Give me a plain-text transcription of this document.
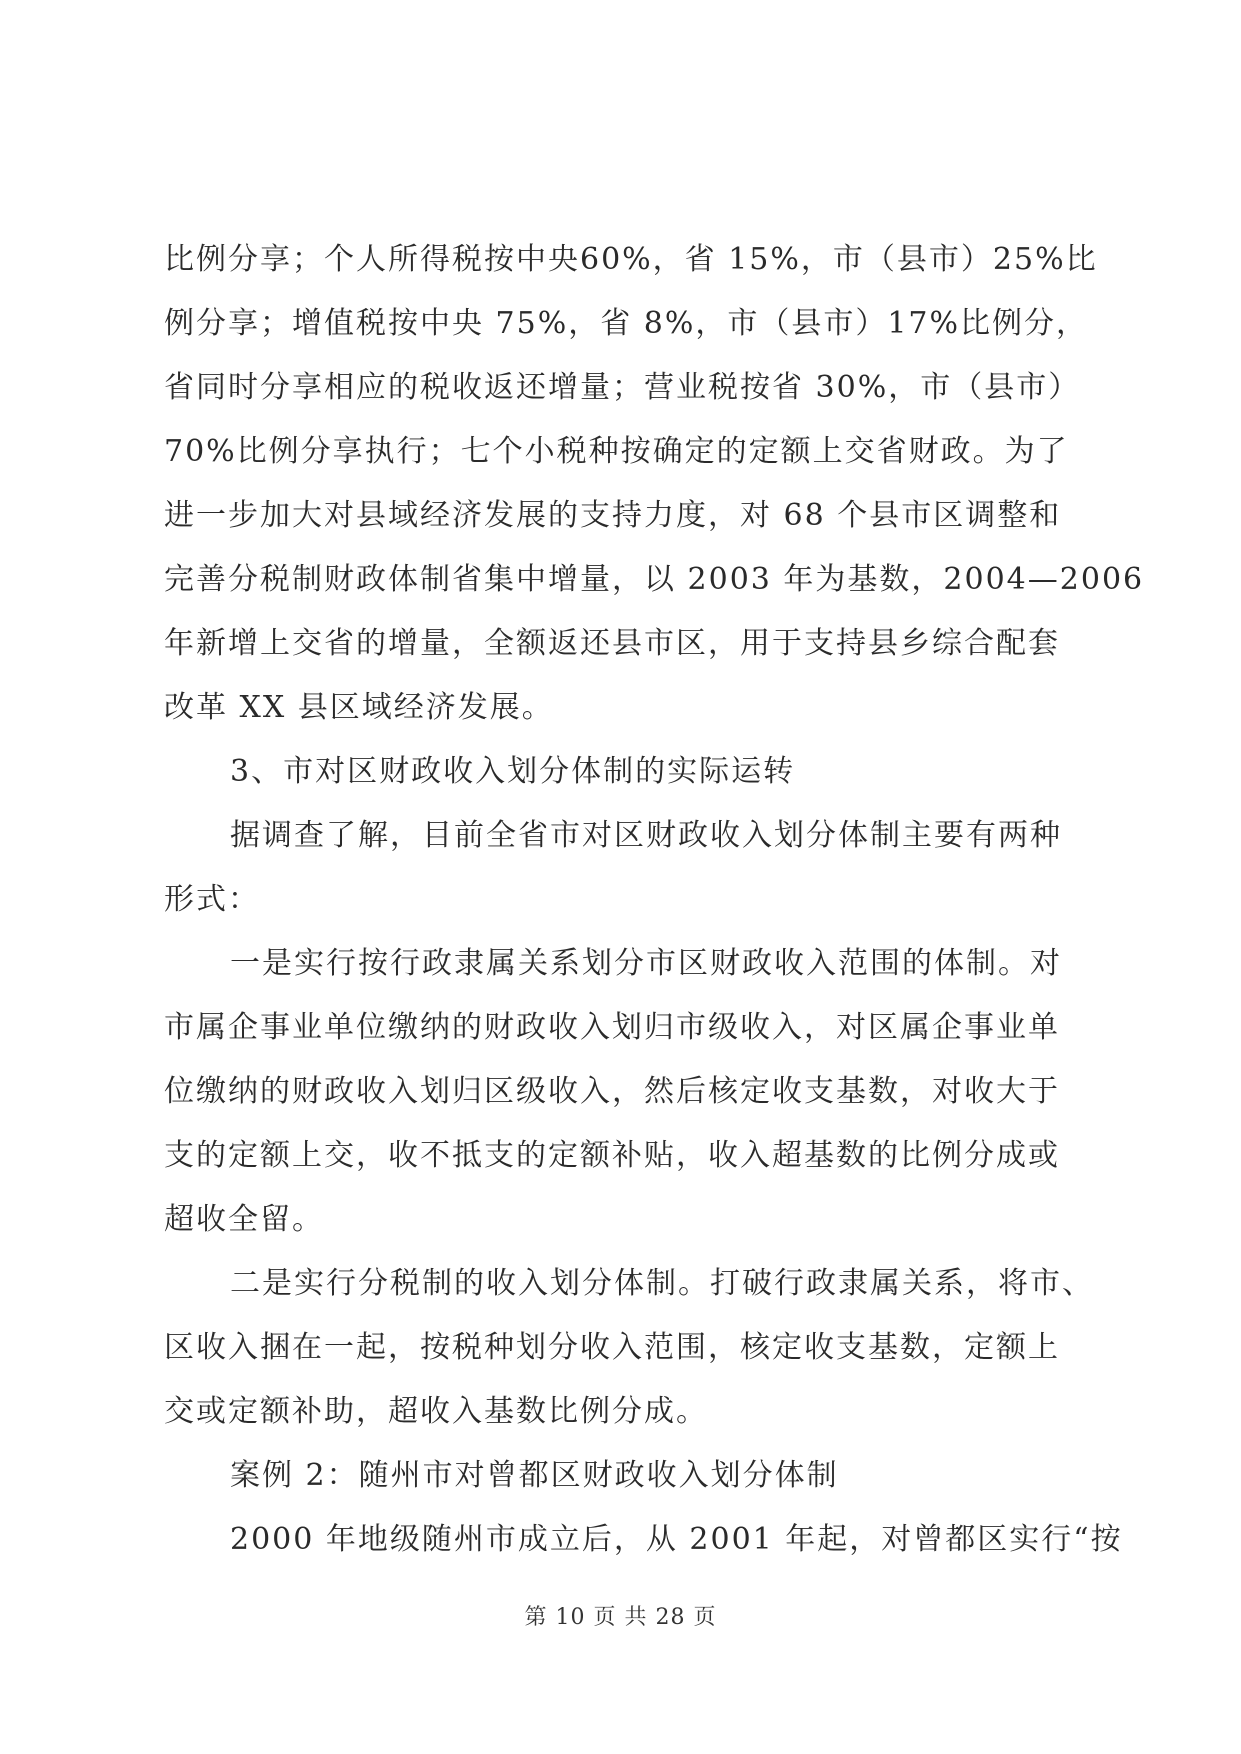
比例分享；个人所得税按中央60%，省 15%，市（县市）25%比
例分享；增值税按中央 75%，省 8%，市（县市）17%比例分，
省同时分享相应的税收返还增量；营业税按省 30%，市（县市）
70%比例分享执行；七个小税种按确定的定额上交省财政。为了
进一步加大对县域经济发展的支持力度，对 68 个县市区调整和
完善分税制财政体制省集中增量，以 2003 年为基数，2004—2006
年新增上交省的增量，全额返还县市区，用于支持县乡综合配套
改革 XX 县区域经济发展。
3、市对区财政收入划分体制的实际运转
据调查了解，目前全省市对区财政收入划分体制主要有两种
形式：
一是实行按行政隶属关系划分市区财政收入范围的体制。对
市属企事业单位缴纳的财政收入划归市级收入，对区属企事业单
位缴纳的财政收入划归区级收入，然后核定收支基数，对收大于
支的定额上交，收不抵支的定额补贴，收入超基数的比例分成或
超收全留。
二是实行分税制的收入划分体制。打破行政隶属关系，将市、
区收入捆在一起，按税种划分收入范围，核定收支基数，定额上
交或定额补助，超收入基数比例分成。
案例 2：随州市对曾都区财政收入划分体制
2000 年地级随州市成立后，从 2001 年起，对曾都区实行“按
第 10 页 共 28 页
